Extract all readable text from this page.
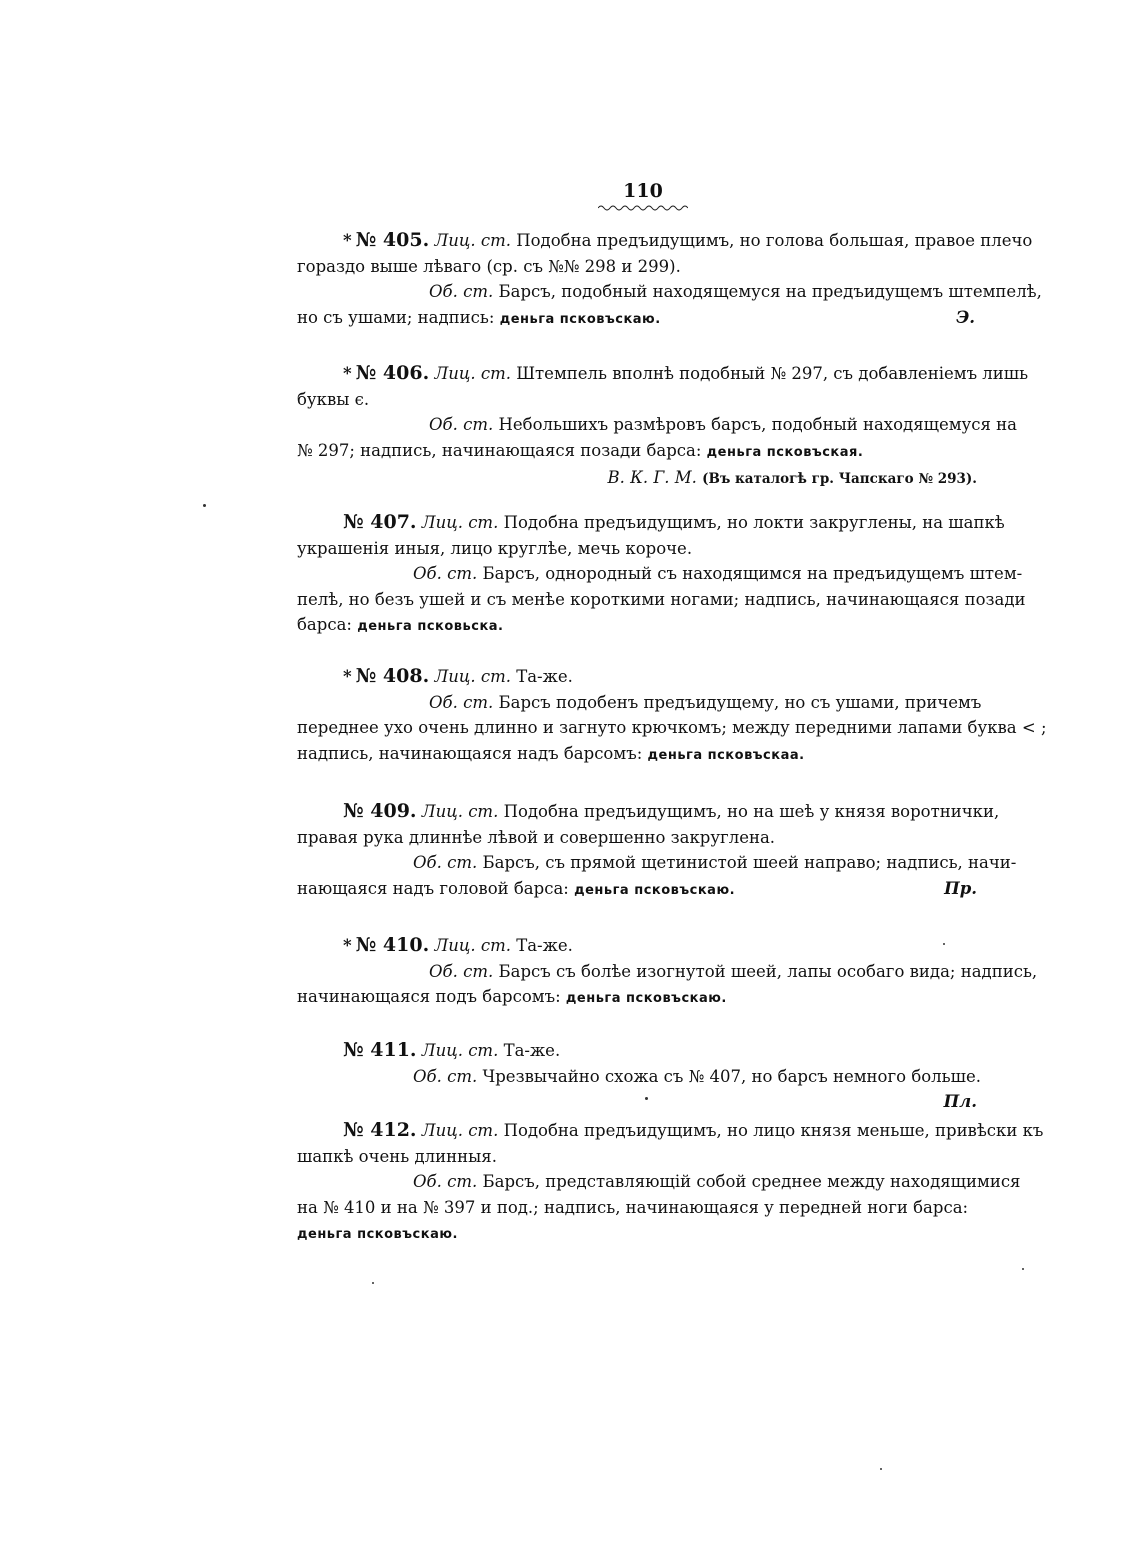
110
* № 405. Лиц. ст. Подобна предъидущимъ, но голова большая, правое плечо
гораздо выше лѣваго (ср. съ №№ 298 и 299).
Об. ст. Барсъ, подобный находящемуся на предъидущемъ штемпелѣ,
но съ ушами; надпись: деньга псковъскаю.	Э.
* № 406. Лиц. ст. Штемпель вполнѣ подобный № 297, съ добавленіемъ лишь
буквы є.
Об. ст. Небольшихъ размѣровъ барсъ, подобный находящемуся на
№ 297; надпись, начинающаяся позади барса: деньга псковъская.
В. К. Г. М. (Въ каталогѣ гр. Чапскаго № 293).
№ 407. Лиц. ст. Подобна предъидущимъ, но локти закруглены, на шапкѣ
украшенія иныя, лицо круглѣе, мечь короче.
Об. ст. Барсъ, однородный съ находящимся на предъидущемъ штем-
пелѣ, но безъ ушей и съ менѣе короткими ногами; надпись, начинающаяся позади
барса: деньга псковьска.
* № 408. Лиц. ст. Та-же.
Об. ст. Барсъ подобенъ предъидущему, но съ ушами, причемъ
переднее ухо очень длинно и загнуто крючкомъ; между передними лапами буква < ;
надпись, начинающаяся надъ барсомъ: деньга псковъскаа.
№ 409. Лиц. ст. Подобна предъидущимъ, но на шеѣ у князя воротнички,
правая рука длиннѣе лѣвой и совершенно закруглена.
Об. ст. Барсъ, съ прямой щетинистой шеей направо; надпись, начи-
нающаяся надъ головой барса: деньга псковъскаю.	Пр.
* № 410. Лиц. ст. Та-же.
Об. ст. Барсъ съ болѣе изогнутой шеей, лапы особаго вида; надпись,
начинающаяся подъ барсомъ: деньга псковъскаю.
№ 411. Лиц. ст. Та-же.
Об. ст. Чрезвычайно схожа съ № 407, но барсъ немного больше.

Пл.
№ 412. Лиц. ст. Подобна предъидущимъ, но лицо князя меньше, привѣски къ
шапкѣ очень длинныя.
Об. ст. Барсъ, представляющій собой среднее между находящимися
на № 410 и на № 397 и под.; надпись, начинающаяся у передней ноги барса:
деньга псковъскаю.
